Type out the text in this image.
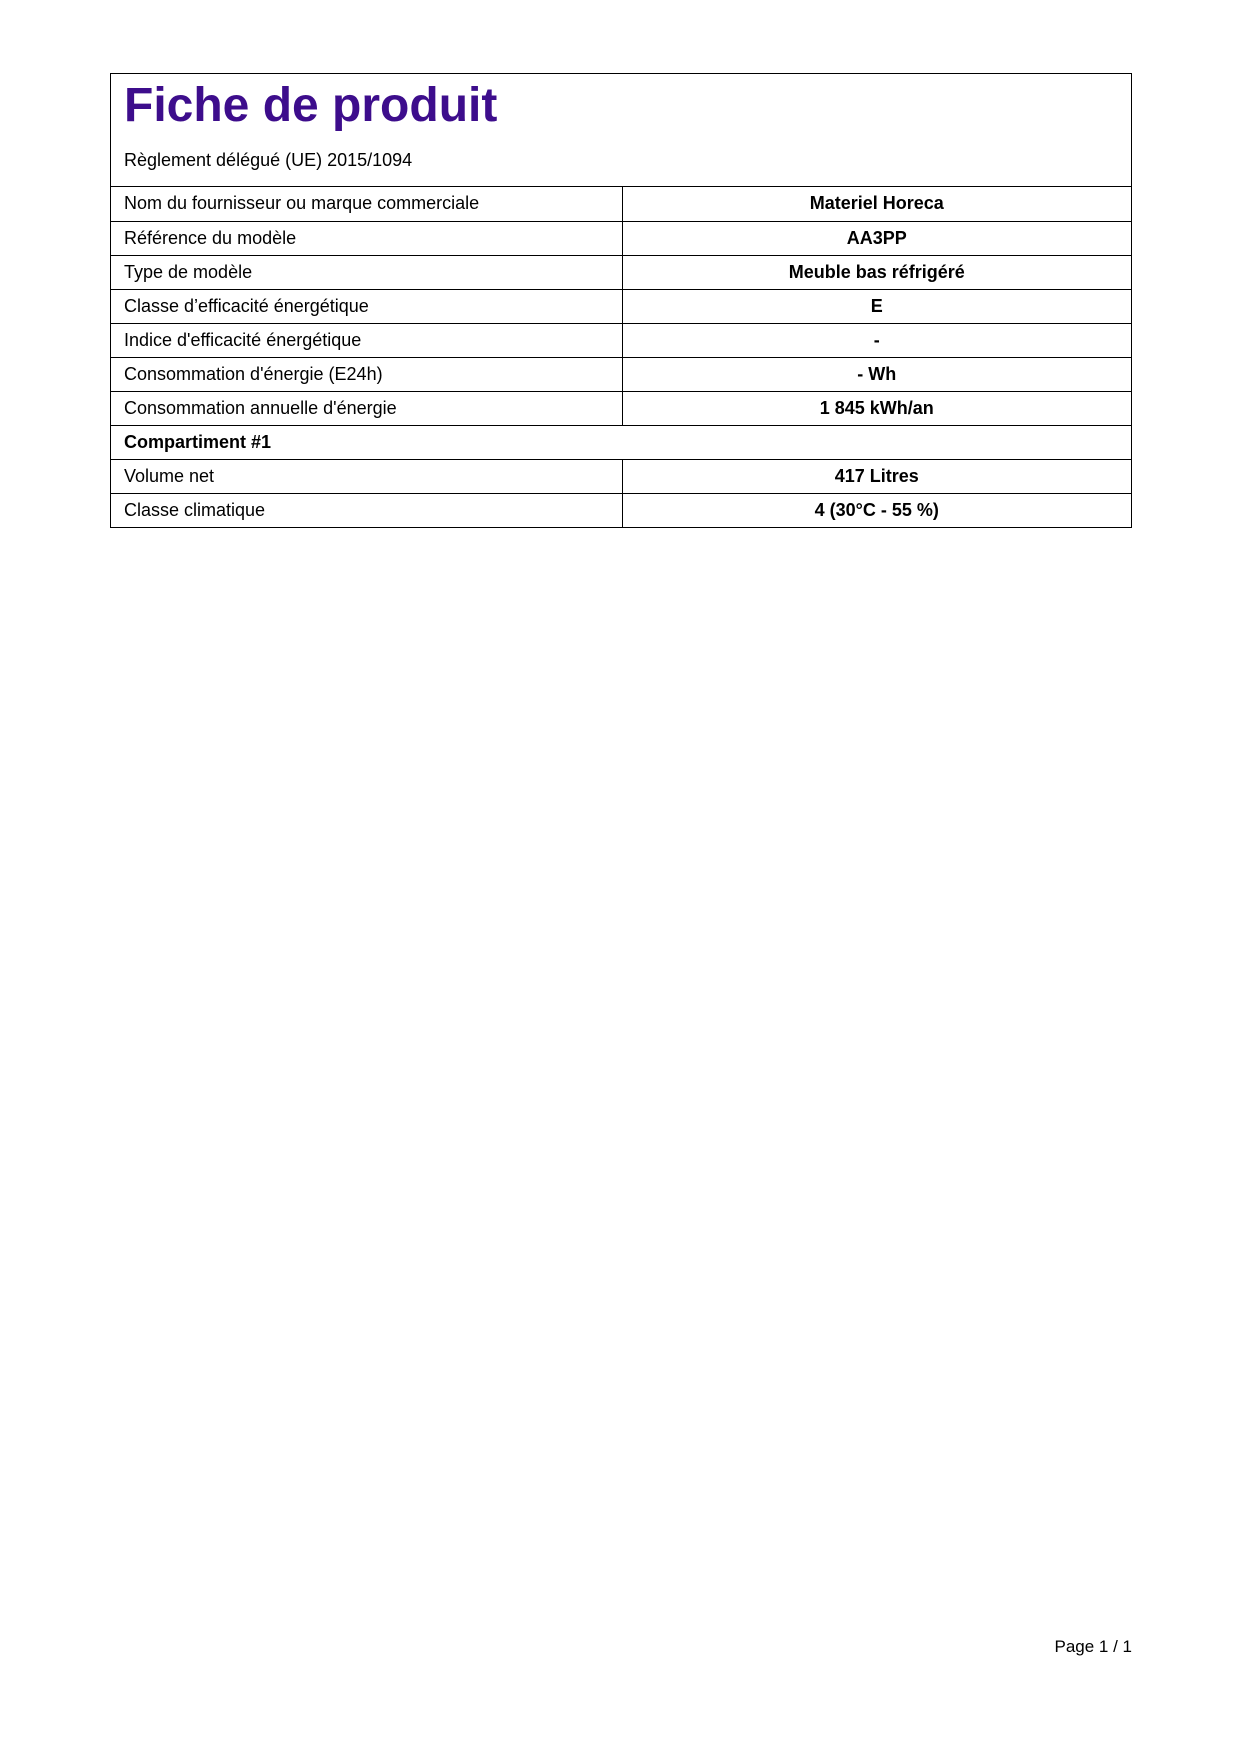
Fiche de produit

Règlement délégué (UE) 2015/1094

Nom du fournisseur ou marque commerciale	Materiel Horeca
Référence du modèle	AA3PP
Type de modèle	Meuble bas réfrigéré
Classe d’efficacité énergétique	E
Indice d'efficacité énergétique	-
Consommation d'énergie (E24h)	- Wh
Consommation annuelle d'énergie	1 845 kWh/an
Compartiment #1	
Volume net	417 Litres
Classe climatique	4 (30°C - 55 %)
Page 1 / 1
